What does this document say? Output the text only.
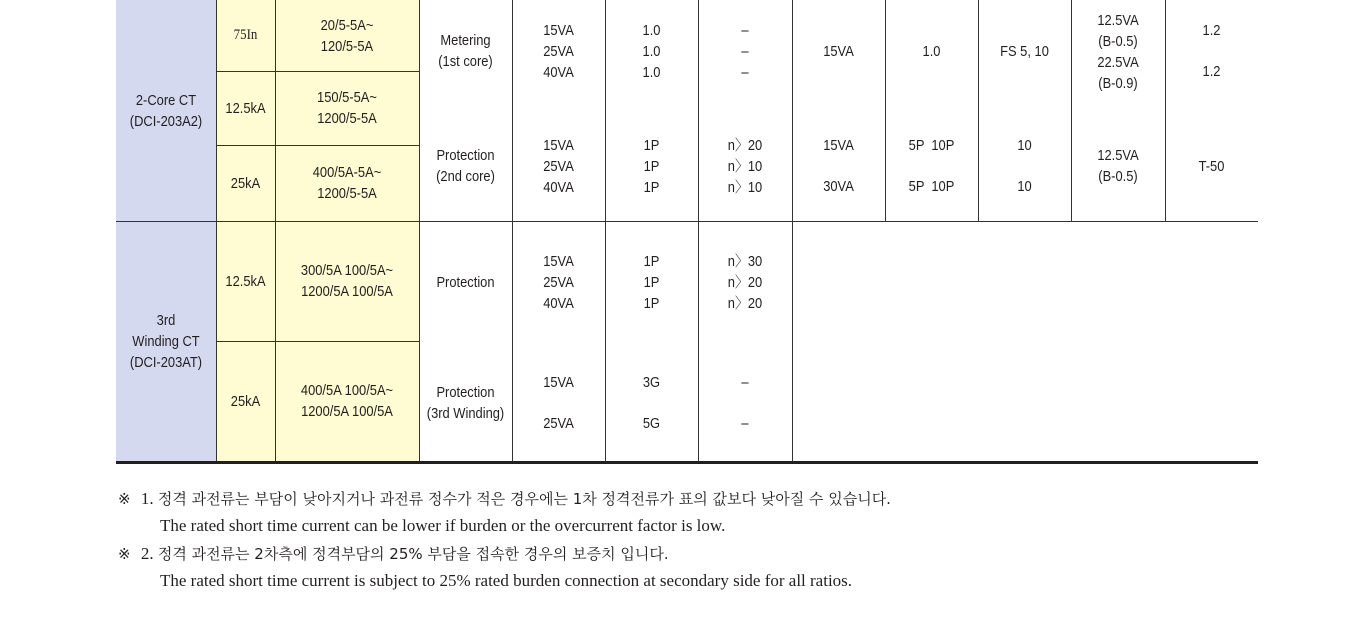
2-Core CT
(DCI-203A2)
75In
20/5-5A~
120/5-5A
12.5kA
150/5-5A~
1200/5-5A
25kA
400/5A-5A~
1200/5-5A
Metering
(1st core)
15VA
25VA
40VA
1.0
1.0
1.0
–
–
–
15VA	1.0	FS 5, 10
12.5VA
(B-0.5)
22.5VA
(B-0.9)
1.2
1.2
Protection
(2nd core)
15VA
25VA
40VA
1P
1P
1P
n〉20
n〉10
n〉10
15VA
30VA
5P  10P
5P  10P
10
10
12.5VA
(B-0.5)
T-50
3rd
Winding CT
(DCI-203AT)
12.5kA
300/5A 100/5A~
1200/5A 100/5A
25kA
400/5A 100/5A~
1200/5A 100/5A
Protection
15VA
25VA
40VA
1P
1P
1P
n〉30
n〉20
n〉20
Protection
(3rd Winding)
15VA
25VA
3G
5G
–
–
※ 1. 정격 과전류는 부담이 낮아지거나 과전류 정수가 적은 경우에는 1차 정격전류가 표의 값보다 낮아질 수 있습니다.
The rated short time current can be lower if burden or the overcurrent factor is low.
※ 2. 정격 과전류는 2차측에 정격부담의 25% 부담을 접속한 경우의 보증치 입니다.
The rated short time current is subject to 25% rated burden connection at secondary side for all ratios.
